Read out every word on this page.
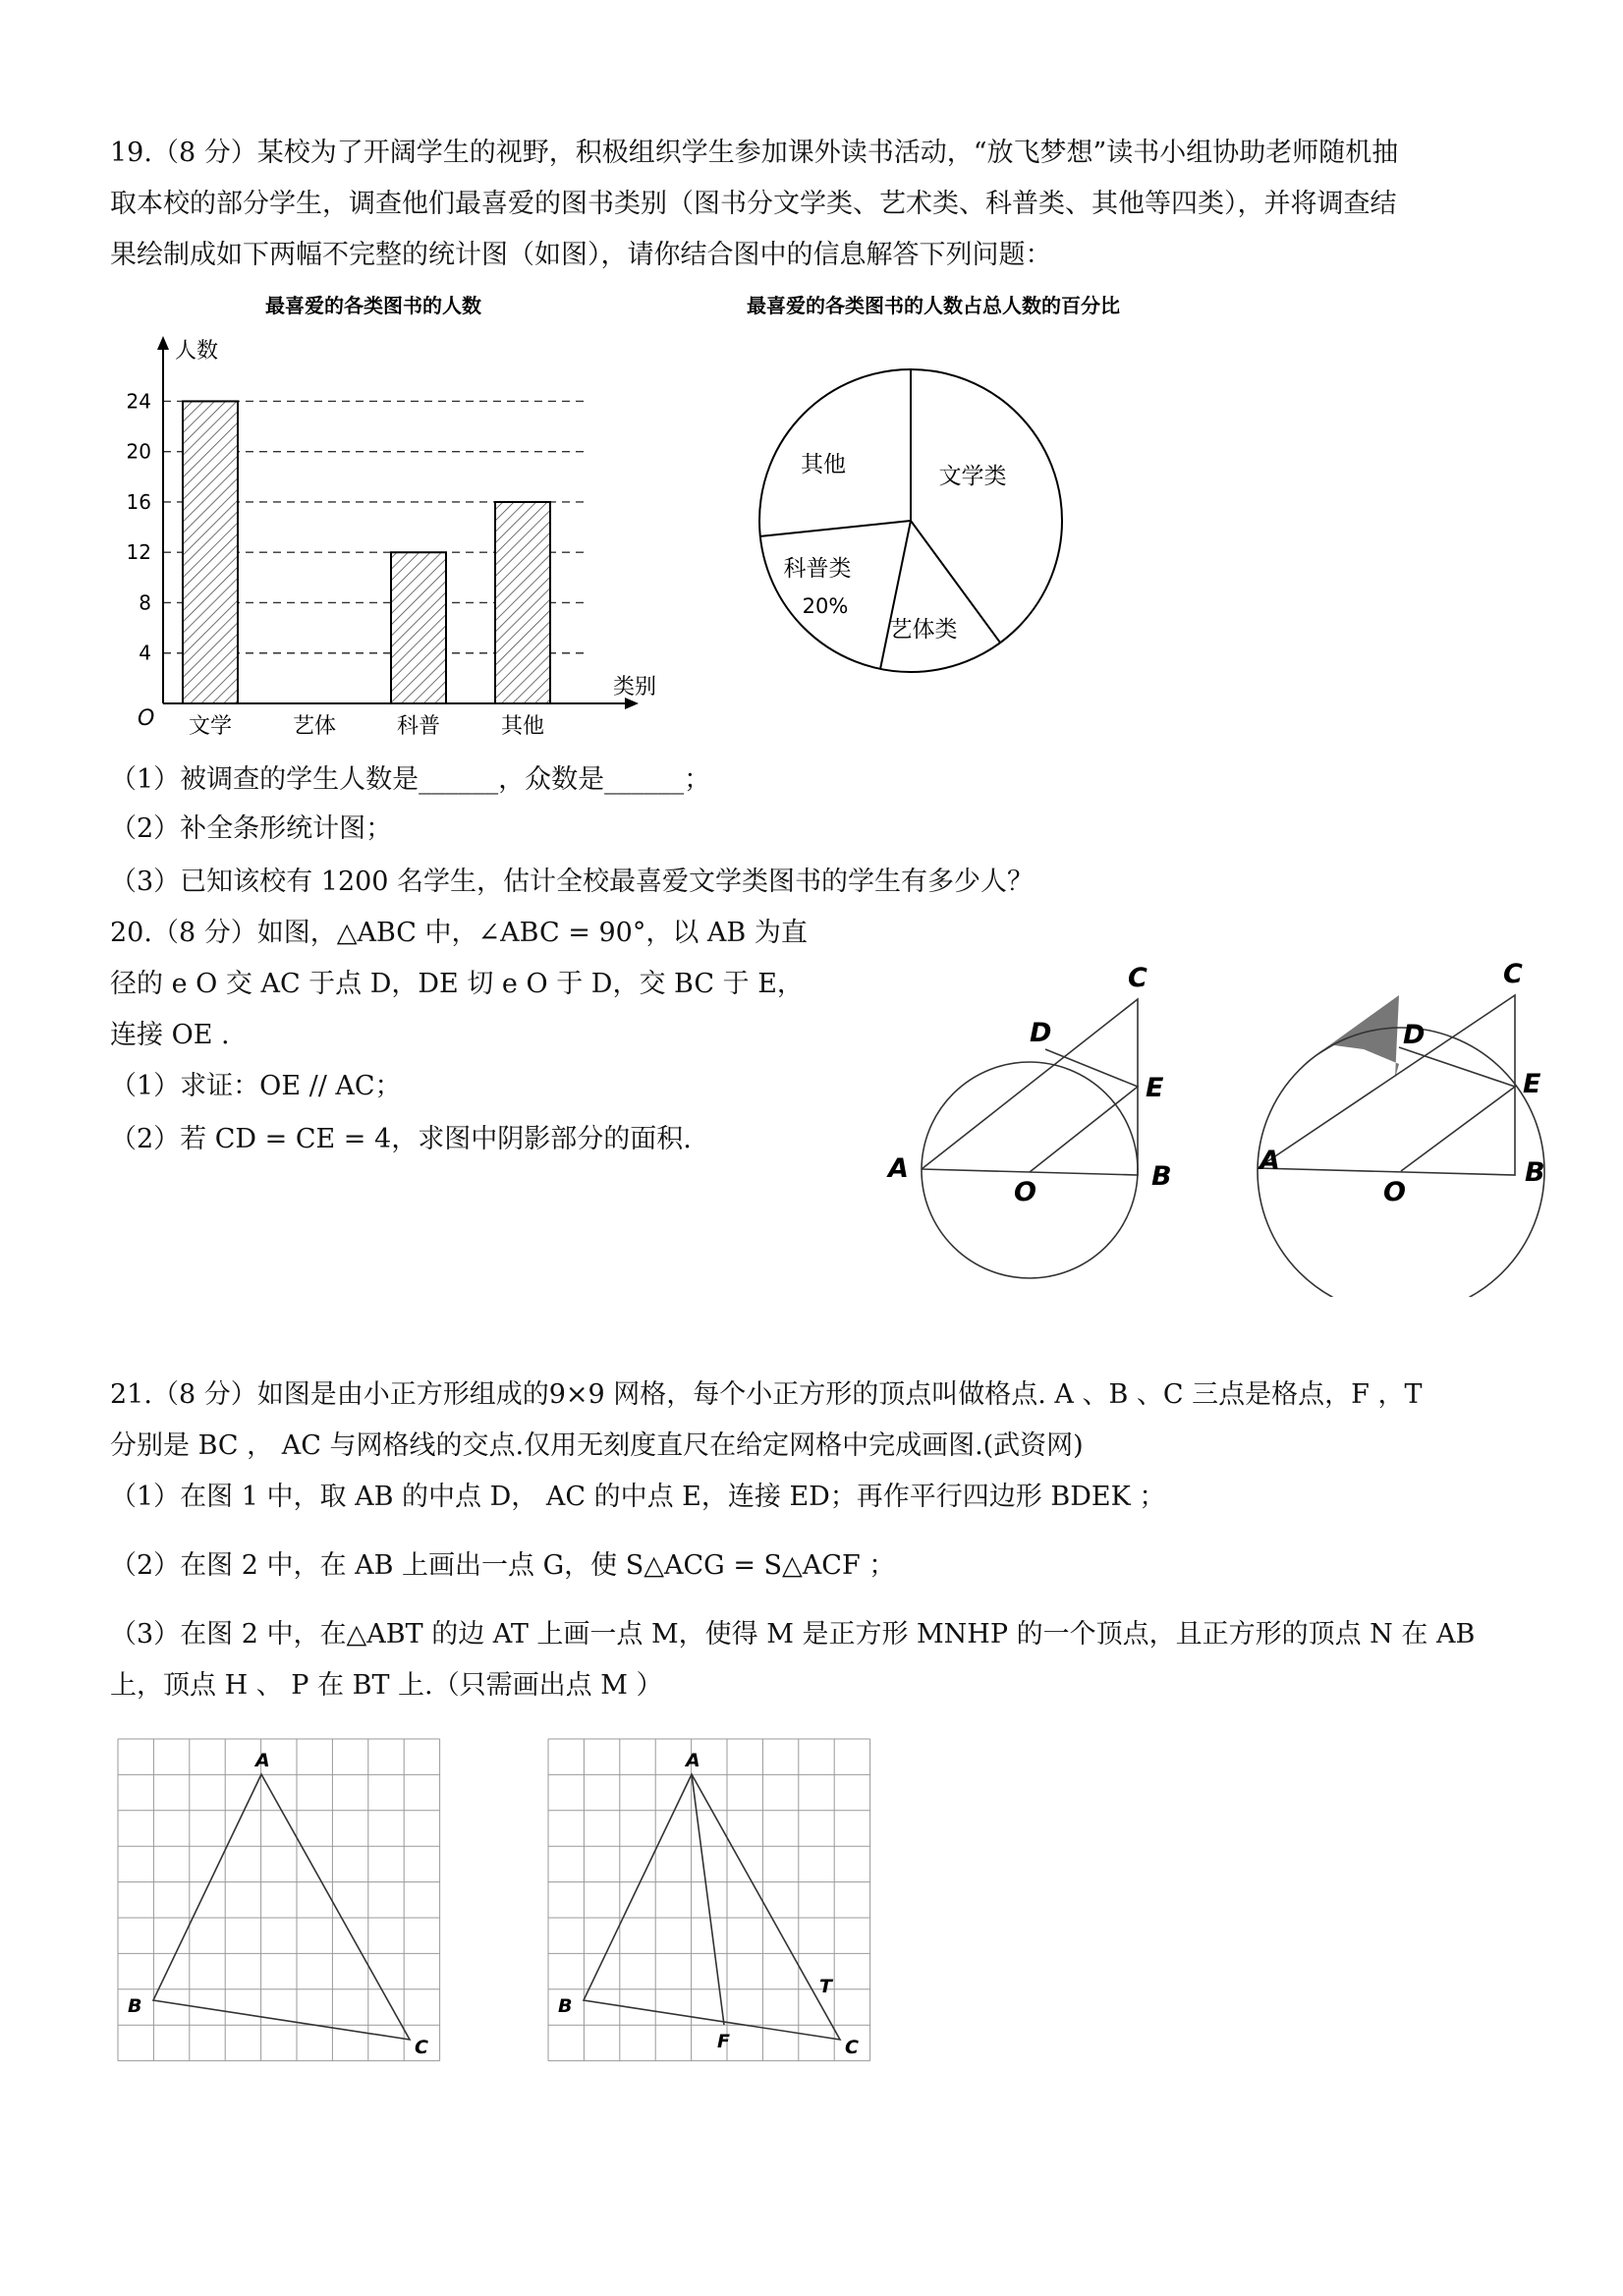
19.（8 分）某校为了开阔学生的视野，积极组织学生参加课外读书活动，“放飞梦想”读书小组协助老师随机抽
取本校的部分学生，调查他们最喜爱的图书类别（图书分文学类、艺术类、科普类、其他等四类），并将调查结
果绘制成如下两幅不完整的统计图（如图），请你结合图中的信息解答下列问题：
最喜爱的各类图书的人数
人数
类别
O
4
8
12
16
20
24
文学	艺体	科普	其他
最喜爱的各类图书的人数占总人数的百分比
其他	文学类
艺体类
科普类
20%
（1）被调查的学生人数是______，众数是______；
（2）补全条形统计图；
（3）已知该校有 1200 名学生，估计全校最喜爱文学类图书的学生有多少人？
20.（8 分）如图，△ABC 中，∠ABC = 90°，以 AB 为直
径的 e O 交 AC 于点 D，DE 切 e O 于 D，交 BC 于 E，
连接 OE .
（1）求证：OE // AC；
（2）若 CD = CE = 4，求图中阴影部分的面积.
C
D
E
A
O
B
C
D
E
A
O
B
21.（8 分）如图是由小正方形组成的9×9 网格，每个小正方形的顶点叫做格点. A 、B 、C 三点是格点，F ，T
分别是 BC ， AC 与网格线的交点.仅用无刻度直尺在给定网格中完成画图.(武资网)
（1）在图 1 中，取 AB 的中点 D， AC 的中点 E，连接 ED；再作平行四边形 BDEK ；
（2）在图 2 中，在 AB 上画出一点 G，使 S△ACG = S△ACF ；
（3）在图 2 中，在△ABT 的边 AT 上画一点 M，使得 M 是正方形 MNHP 的一个顶点，且正方形的顶点 N 在 AB
上，顶点 H 、 P 在 BT 上.（只需画出点 M ）
A
B
C
A
B
C
F
T
